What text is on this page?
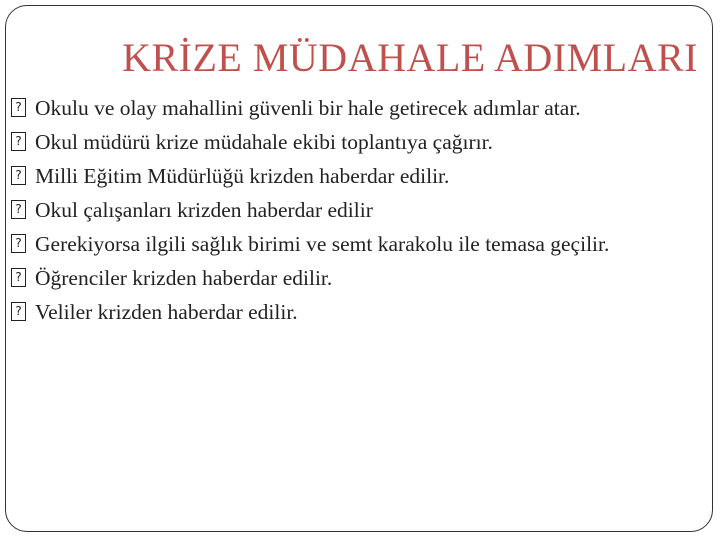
KRİZE MÜDAHALE ADIMLARI
?
Okulu ve olay mahallini güvenli bir hale getirecek adımlar atar.
?
Okul müdürü krize müdahale ekibi toplantıya çağırır.
?
Milli Eğitim Müdürlüğü krizden haberdar edilir.
?
Okul çalışanları krizden haberdar edilir
?
Gerekiyorsa ilgili sağlık birimi ve semt karakolu ile temasa geçilir.
?
Öğrenciler krizden haberdar edilir.
?
Veliler krizden haberdar edilir.
